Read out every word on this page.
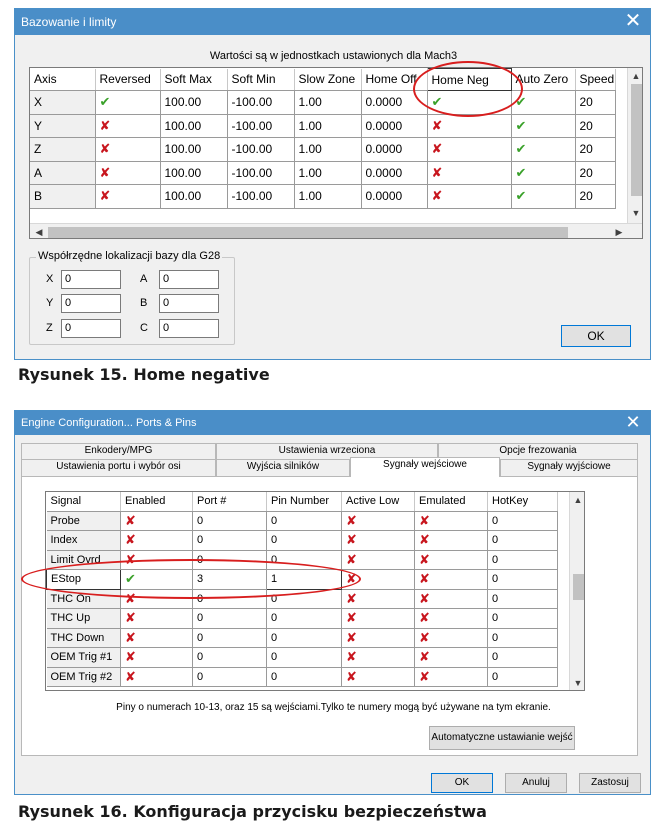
Bazowanie i limity	✕
Wartości są w jednostkach ustawionych dla Mach3
Axis	Reversed	Soft Max	Soft Min	Slow Zone	Home Off	Home Neg	Auto Zero	Speed
X	✔	100.00	-100.00	1.00	0.0000	✔	✔	20
Y	✘	100.00	-100.00	1.00	0.0000	✘	✔	20
Z	✘	100.00	-100.00	1.00	0.0000	✘	✔	20
A	✘	100.00	-100.00	1.00	0.0000	✘	✔	20
B	✘	100.00	-100.00	1.00	0.0000	✘	✔	20
▲
▼
◀	▶
Współrzędne lokalizacji bazy dla G28
X	0	A	0
Y	0	B	0
Z	0	C	0
OK
Rysunek 15. Home negative
Engine Configuration... Ports & Pins	✕
Enkodery/MPG	Ustawienia wrzeciona	Opcje frezowania
Ustawienia portu i wybór osi	Wyjścia silników	Sygnały wejściowe	Sygnały wyjściowe
Signal	Enabled	Port #	Pin Number	Active Low	Emulated	HotKey
Probe	✘	0	0	✘	✘	0
Index	✘	0	0	✘	✘	0
Limit Ovrd	✘	0	0	✘	✘	0
EStop	✔	3	1	✘	✘	0
THC On	✘	0	0	✘	✘	0
THC Up	✘	0	0	✘	✘	0
THC Down	✘	0	0	✘	✘	0
OEM Trig #1	✘	0	0	✘	✘	0
OEM Trig #2	✘	0	0	✘	✘	0
▲
▼
Piny o numerach 10-13, oraz 15 są wejściami.Tylko te numery mogą być używane na tym ekranie.
Automatyczne ustawianie wejść
OK	Anuluj	Zastosuj
Rysunek 16. Konfiguracja przycisku bezpieczeństwa
